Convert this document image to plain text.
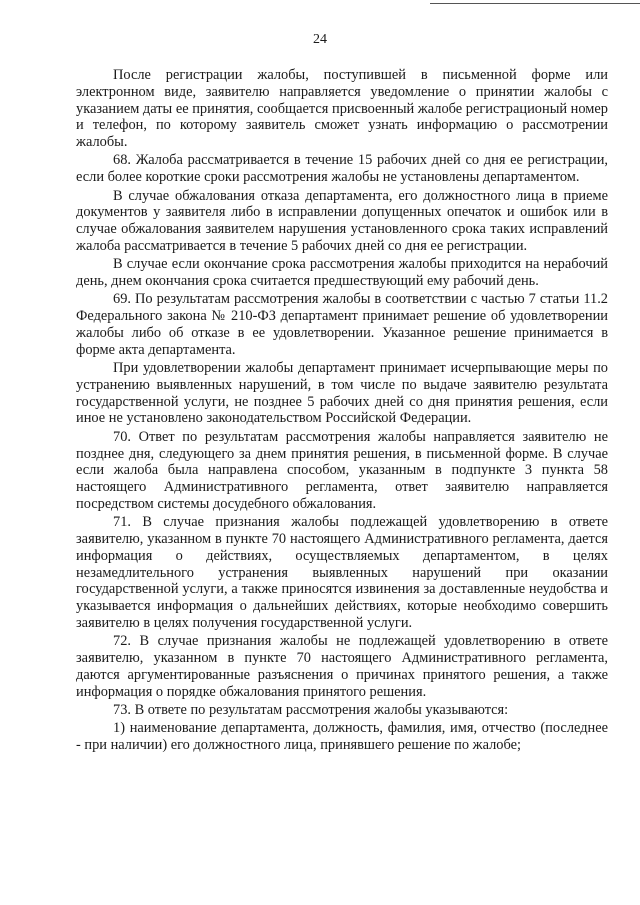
24

После регистрации жалобы, поступившей в письменной форме или электронном виде, заявителю направляется уведомление о принятии жалобы с указанием даты ее принятия, сообщается присвоенный жалобе регистрационый номер и телефон, по которому заявитель сможет узнать информацию о рассмотрении жалобы.

68. Жалоба рассматривается в течение 15 рабочих дней со дня ее регистрации, если более короткие сроки рассмотрения жалобы не установлены департаментом.

В случае обжалования отказа департамента, его должностного лица в приеме документов у заявителя либо в исправлении допущенных опечаток и ошибок или в случае обжалования заявителем нарушения установленного срока таких исправлений жалоба рассматривается в течение 5 рабочих дней со дня ее регистрации.

В случае если окончание срока рассмотрения жалобы приходится на нерабочий день, днем окончания срока считается предшествующий ему рабочий день.

69. По результатам рассмотрения жалобы в соответствии с частью 7 статьи 11.2 Федерального закона № 210-ФЗ департамент принимает решение об удовлетворении жалобы либо об отказе в ее удовлетворении. Указанное решение принимается в форме акта департамента.

При удовлетворении жалобы департамент принимает исчерпывающие меры по устранению выявленных нарушений, в том числе по выдаче заявителю результата государственной услуги, не позднее 5 рабочих дней со дня принятия решения, если иное не установлено законодательством Российской Федерации.

70. Ответ по результатам рассмотрения жалобы направляется заявителю не позднее дня, следующего за днем принятия решения, в письменной форме. В случае если жалоба была направлена способом, указанным в подпункте 3 пункта 58 настоящего Административного регламента, ответ заявителю направляется посредством системы досудебного обжалования.

71. В случае признания жалобы подлежащей удовлетворению в ответе заявителю, указанном в пункте 70 настоящего Административного регламента, дается информация о действиях, осуществляемых департаментом, в целях незамедлительного устранения выявленных нарушений при оказании государственной услуги, а также приносятся извинения за доставленные неудобства и указывается информация о дальнейших действиях, которые необходимо совершить заявителю в целях получения государственной услуги.

72. В случае признания жалобы не подлежащей удовлетворению в ответе заявителю, указанном в пункте 70 настоящего Административного регламента, даются аргументированные разъяснения о причинах принятого решения, а также информация о порядке обжалования принятого решения.

73. В ответе по результатам рассмотрения жалобы указываются:

1) наименование департамента, должность, фамилия, имя, отчество (последнее - при наличии) его должностного лица, принявшего решение по жалобе;
